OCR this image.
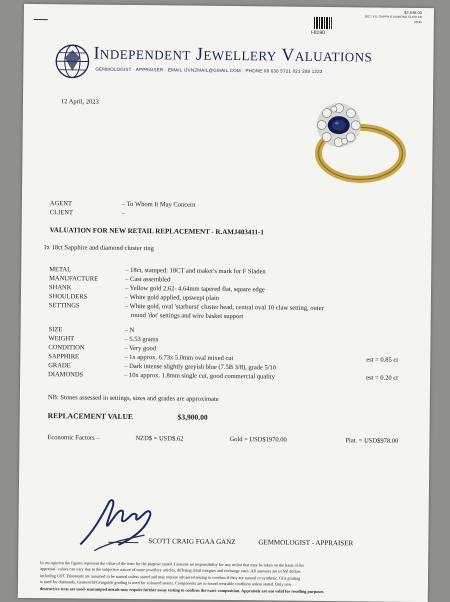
$2,548.00
18CT YEL SAPPH & DIAMOND CLUSTER
RING
I-8190
Independent Jewellery Valuations
GEMMOLOGIST · APPRAISER · EMAIL IJVNZMAIL@GMAIL.COM · PHONE 09 638 5721 021 288 1223
12 April, 2023
AGENT	– To Whom It May Concern
CLIENT	–
VALUATION FOR NEW RETAIL REPLACEMENT - R.AMJ403411-1
1x 18ct Sapphire and diamond cluster ring
METAL	– 18ct, stamped: 18CT and maker's mark for F Sladen
MANUFACTURE	– Cast assembled
SHANK	– Yellow gold 2.62- 4.64mm tapered flat, square edge
SHOULDERS	– White gold applied, upswept plain
SETTINGS	– White gold, oval 'starburst' cluster head, central oval 10 claw setting, outer
round 'dot' settings and wire basket support
SIZE	– N
WEIGHT	– 5.53 grams
CONDITION	– Very good
SAPPHIRE	– 1x approx. 6.73x 5.0mm oval mixed cut	est = 0.85 ct
GRADE	– Dark intense slightly greyish blue (7.5B 3/8), grade 5/10
DIAMONDS	– 10x approx. 1.8mm single cut, good commercial quality	est = 0.20 ct
NB: Stones assessed in settings, sizes and grades are approximate
REPLACEMENT VALUE	$3,900.00
Economic Factors –	NZD$ = USD$.62	Gold = USD$1970.00	Plat. = USD$978.00
SCOTT CRAIG FGAA GANZ	GEMMOLOGIST - APPRAISER
In my opinion the figures represent the value of the item for the purpose stated. I assume no responsibility for any action that may be taken on the basis of the
appraisal- values can vary due to the subjective nature of some jewellery articles, differing retail margins and exchange rates. All amounts are in NZ dollars
including GST. Diamonds are assumed to be natural unless stated and may require advanced testing to confirm if they are natural or synthetic. GIA grading
is used for diamonds, Gemworld/Gemguide grading is used for coloured stones. Components are in sound wearable condition unless stated. Only non-
destructive tests are used- unstamped metals may require further assay testing to confirm the exact composition. Appraisals are not valid for reselling purposes
